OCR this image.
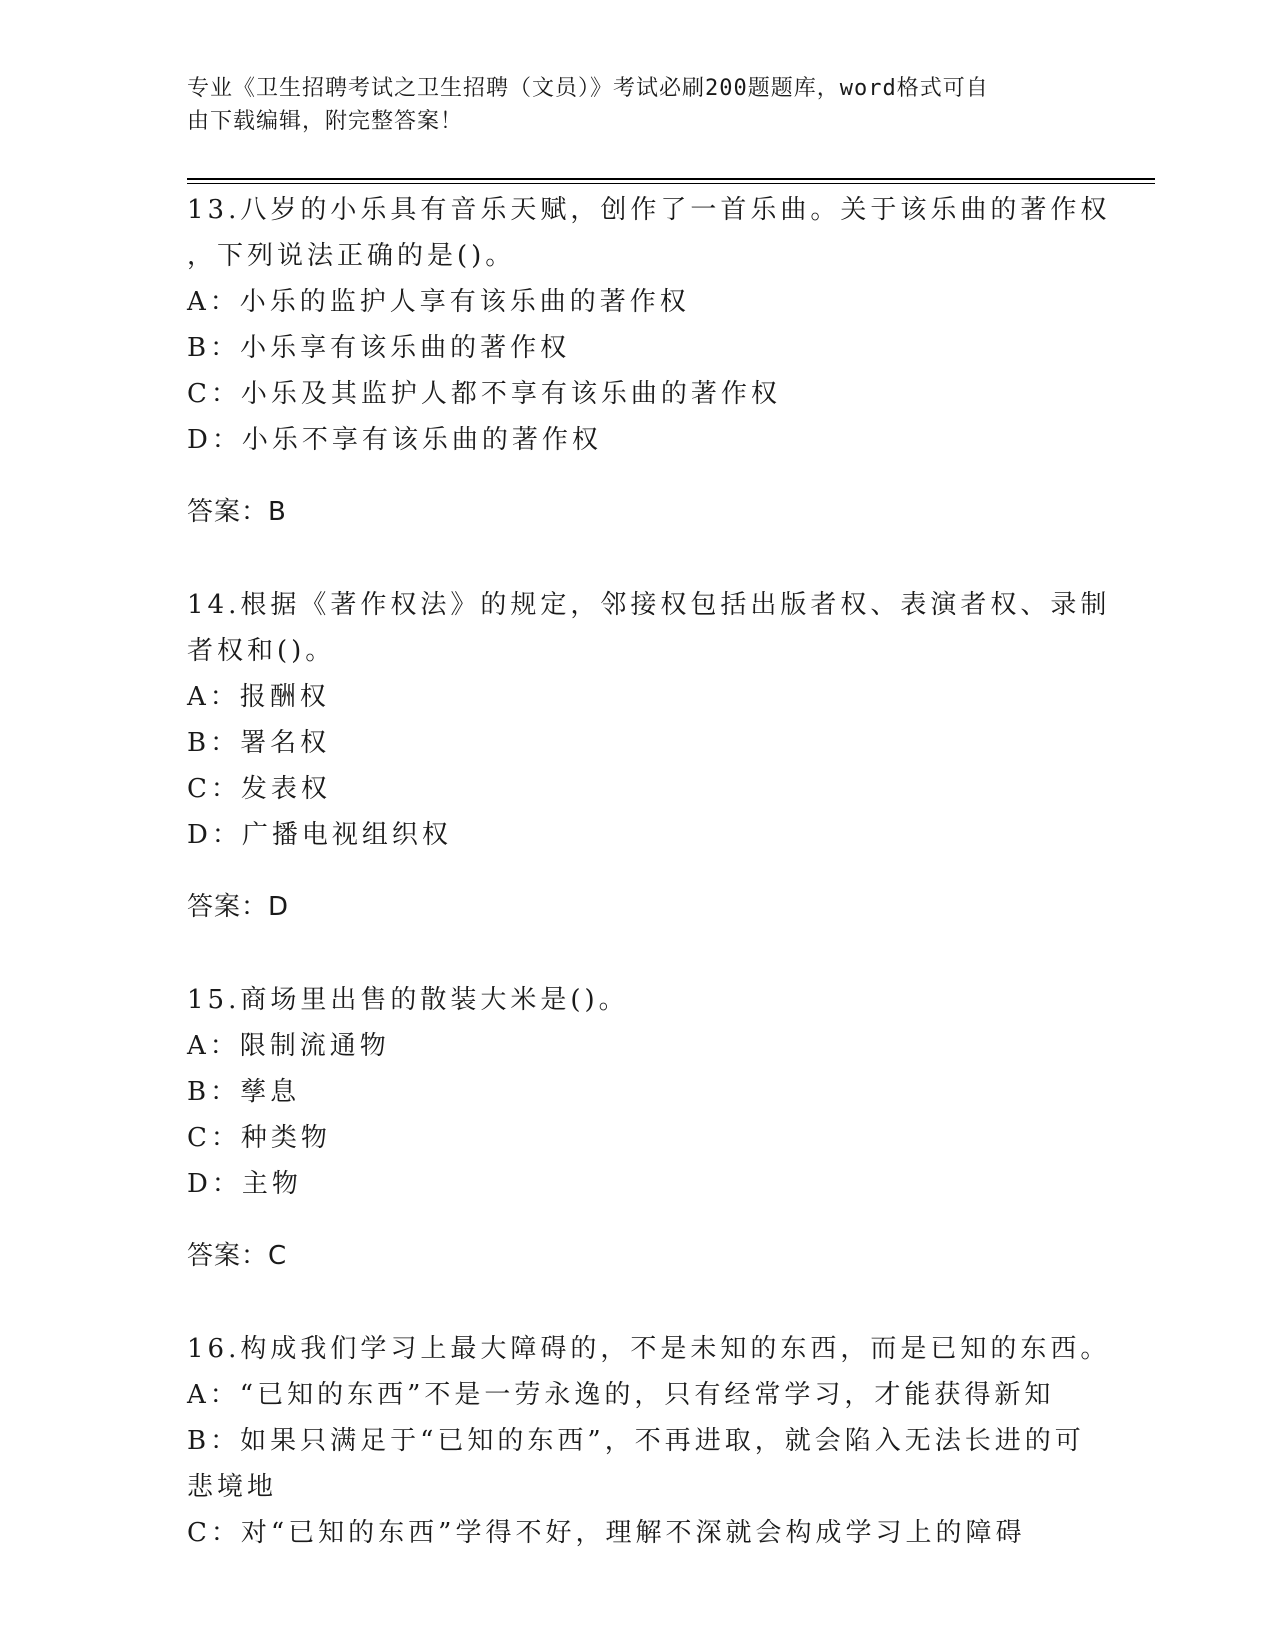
专业《卫生招聘考试之卫生招聘（文员）》考试必刷200题题库，word格式可自
由下载编辑，附完整答案！

13.八岁的小乐具有音乐天赋，创作了一首乐曲。关于该乐曲的著作权

，下列说法正确的是()。

A：小乐的监护人享有该乐曲的著作权

B：小乐享有该乐曲的著作权

C：小乐及其监护人都不享有该乐曲的著作权

D：小乐不享有该乐曲的著作权

答案：B

14.根据《著作权法》的规定，邻接权包括出版者权、表演者权、录制

者权和()。

A：报酬权

B：署名权

C：发表权

D：广播电视组织权

答案：D

15.商场里出售的散装大米是()。

A：限制流通物

B：孳息

C：种类物

D：主物

答案：C

16.构成我们学习上最大障碍的，不是未知的东西，而是已知的东西。

A：“已知的东西”不是一劳永逸的，只有经常学习，才能获得新知

B：如果只满足于“已知的东西”，不再进取，就会陷入无法长进的可

悲境地

C：对“已知的东西”学得不好，理解不深就会构成学习上的障碍
